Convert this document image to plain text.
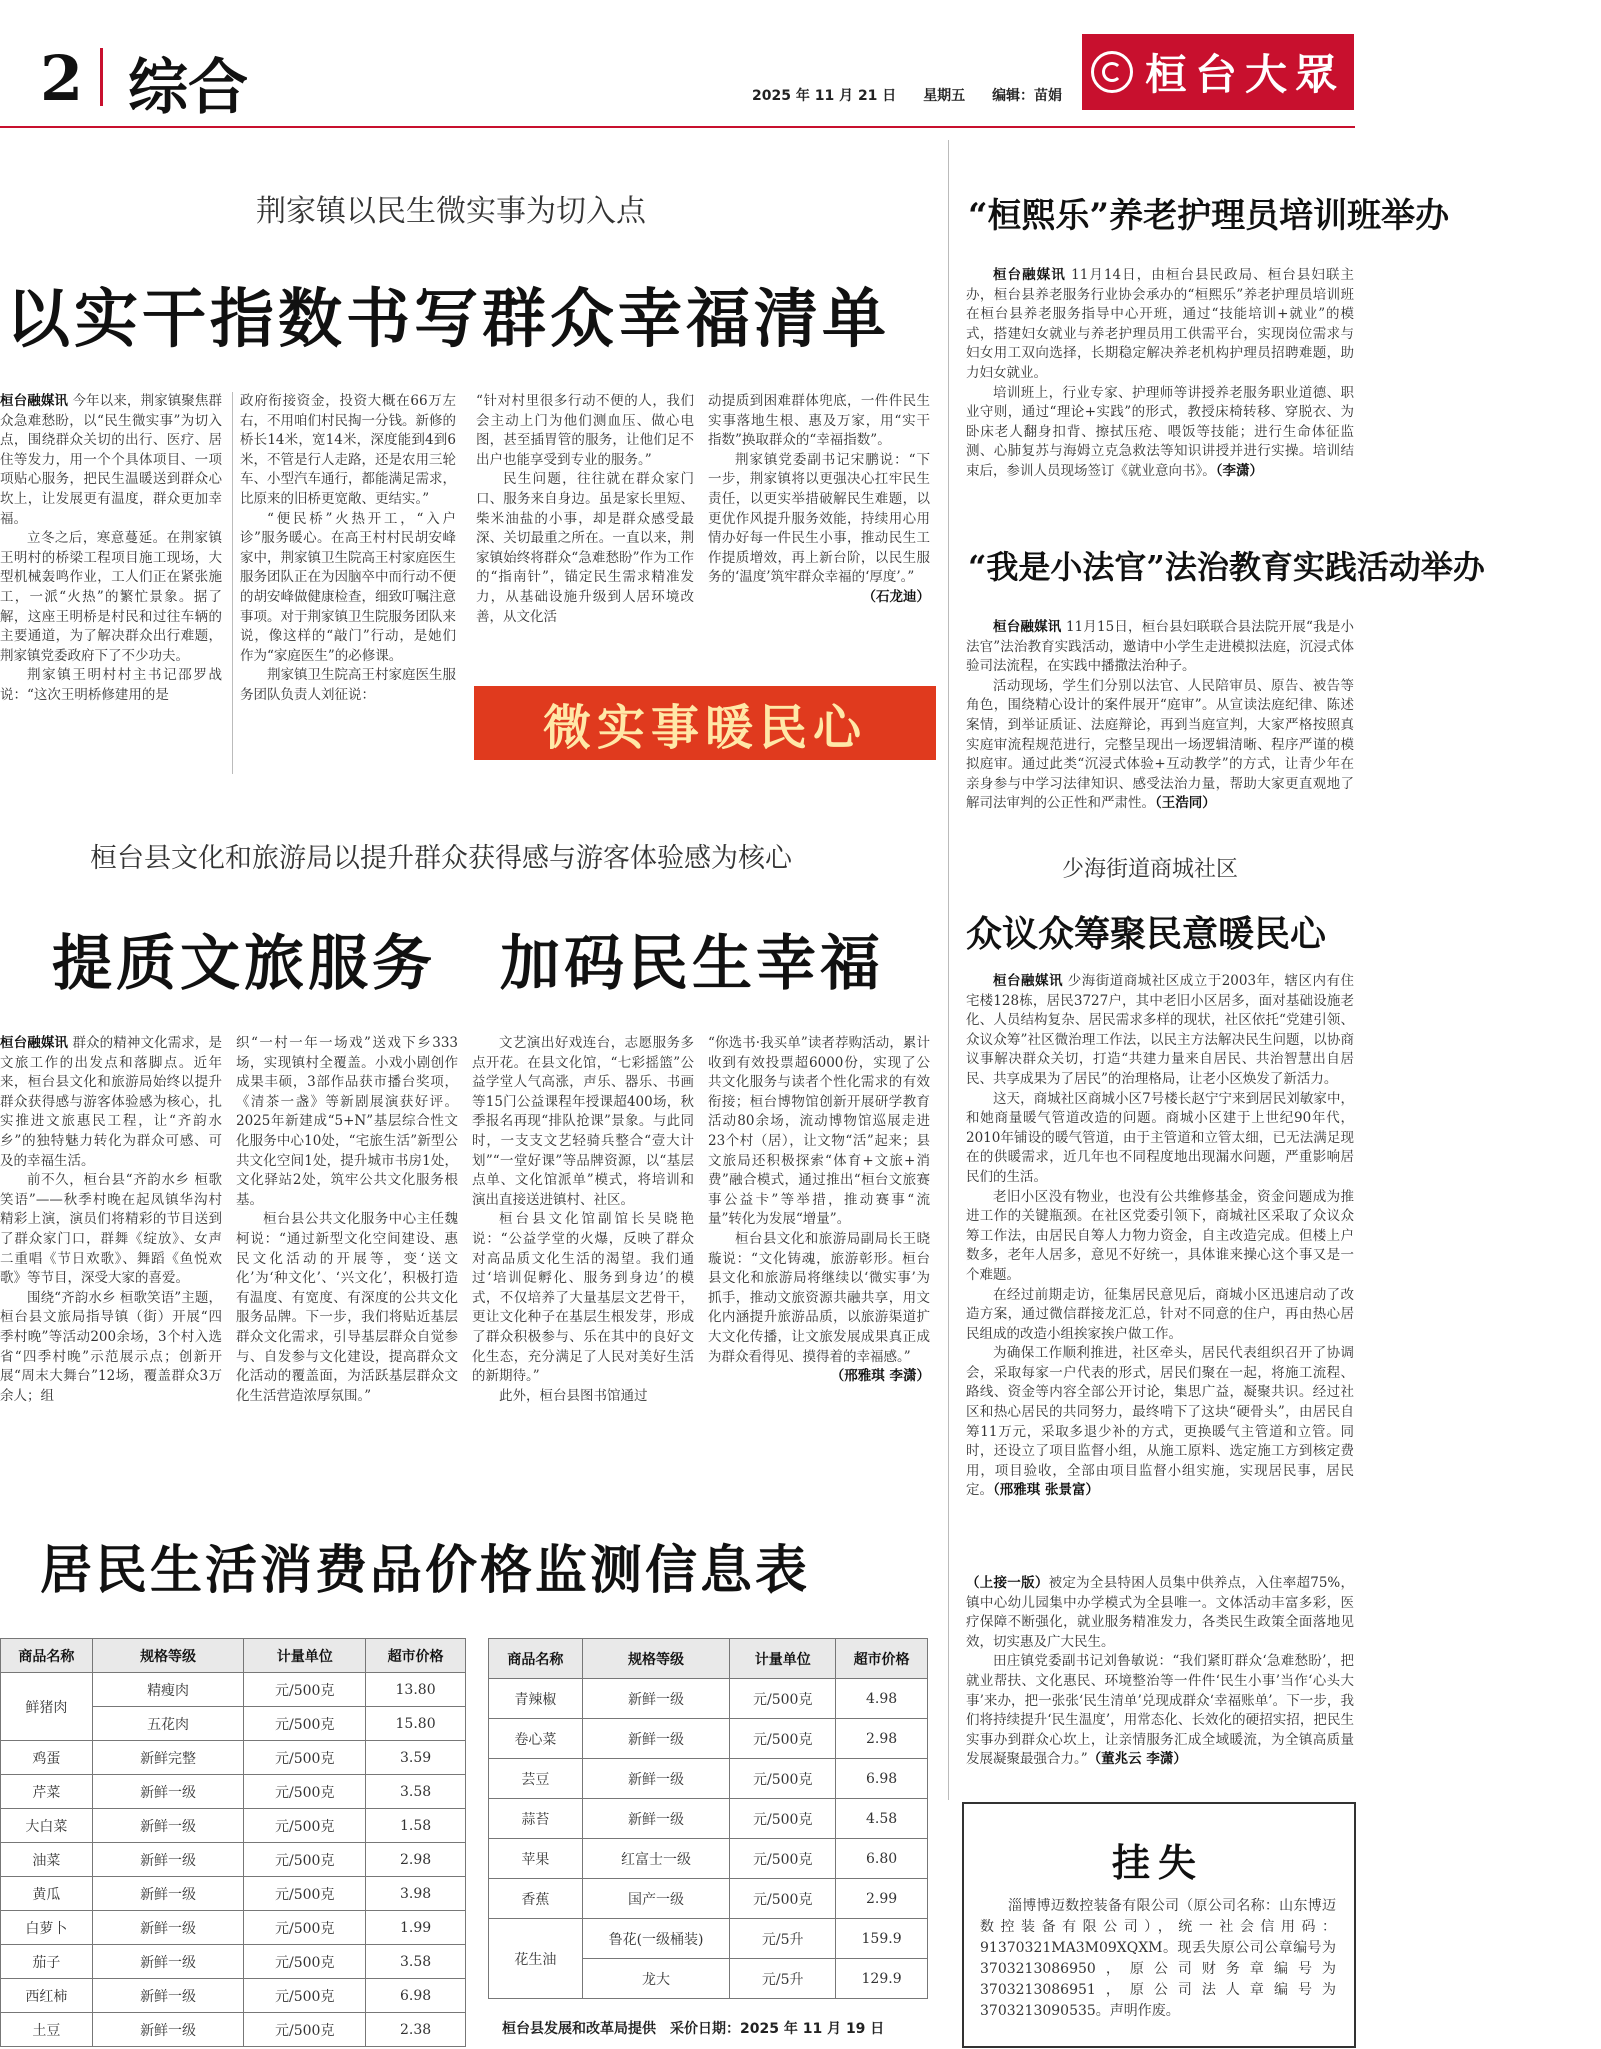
2 综合	2025 年 11 月 21 日 星期五 编辑：苗娟	桓台大眾
荆家镇以民生微实事为切入点
以实干指数书写群众幸福清单

桓台融媒讯 今年以来，荆家镇聚焦群众急难愁盼，以“民生微实事”为切入点，围绕群众关切的出行、医疗、居住等发力，用一个个具体项目、一项项贴心服务，把民生温暖送到群众心坎上，让发展更有温度，群众更加幸福。

立冬之后，寒意蔓延。在荆家镇王明村的桥梁工程项目施工现场，大型机械轰鸣作业，工人们正在紧张施工，一派“火热”的繁忙景象。据了解，这座王明桥是村民和过往车辆的主要通道，为了解决群众出行难题，荆家镇党委政府下了不少功夫。

荆家镇王明村村主书记邵罗战说：“这次王明桥修建用的是

政府衔接资金，投资大概在66万左右，不用咱们村民掏一分钱。新修的桥长14米，宽14米，深度能到4到6米，不管是行人走路，还是农用三轮车、小型汽车通行，都能满足需求，比原来的旧桥更宽敞、更结实。”

“便民桥”火热开工，“入户诊”服务暖心。在高王村村民胡安峰家中，荆家镇卫生院高王村家庭医生服务团队正在为因脑卒中而行动不便的胡安峰做健康检查，细致叮嘱注意事项。对于荆家镇卫生院服务团队来说，像这样的“敲门”行动，是她们作为“家庭医生”的必修课。

荆家镇卫生院高王村家庭医生服务团队负责人刘征说：

“针对村里很多行动不便的人，我们会主动上门为他们测血压、做心电图，甚至插胃管的服务，让他们足不出户也能享受到专业的服务。”

民生问题，往往就在群众家门口、服务来自身边。虽是家长里短、柴米油盐的小事，却是群众感受最深、关切最重之所在。一直以来，荆家镇始终将群众“急难愁盼”作为工作的“指南针”，锚定民生需求精准发力，从基础设施升级到人居环境改善，从文化活

动提质到困难群体兜底，一件件民生实事落地生根、惠及万家，用“实干指数”换取群众的“幸福指数”。

荆家镇党委副书记宋鹏说：“下一步，荆家镇将以更强决心扛牢民生责任，以更实举措破解民生难题，以更优作风提升服务效能，持续用心用情办好每一件民生小事，推动民生工作提质增效，再上新台阶，以民生服务的‘温度’筑牢群众幸福的‘厚度’。”

（石龙迪）

微实事暖民心
桓台县文化和旅游局以提升群众获得感与游客体验感为核心
提质文旅服务　加码民生幸福

桓台融媒讯 群众的精神文化需求，是文旅工作的出发点和落脚点。近年来，桓台县文化和旅游局始终以提升群众获得感与游客体验感为核心，扎实推进文旅惠民工程，让“齐韵水乡”的独特魅力转化为群众可感、可及的幸福生活。

前不久，桓台县“齐韵水乡 桓歌笑语”——秋季村晚在起凤镇华沟村精彩上演，演员们将精彩的节目送到了群众家门口，群舞《绽放》、女声二重唱《节日欢歌》、舞蹈《鱼悦欢歌》等节目，深受大家的喜爱。

围绕“齐韵水乡 桓歌笑语”主题，桓台县文旅局指导镇（街）开展“四季村晚”等活动200余场，3个村入选省“四季村晚”示范展示点；创新开展“周末大舞台”12场，覆盖群众3万余人；组

织“一村一年一场戏”送戏下乡333场，实现镇村全覆盖。小戏小剧创作成果丰硕，3部作品获市播台奖项，《清茶一盏》等新剧展演获好评。2025年新建成“5+N”基层综合性文化服务中心10处，“宅旅生活”新型公共文化空间1处，提升城市书房1处，文化驿站2处，筑牢公共文化服务根基。

桓台县公共文化服务中心主任魏柯说：“通过新型文化空间建设、惠民文化活动的开展等，变‘送文化’为‘种文化’、‘兴文化’，积极打造有温度、有宽度、有深度的公共文化服务品牌。下一步，我们将贴近基层群众文化需求，引导基层群众自觉参与、自发参与文化建设，提高群众文化活动的覆盖面，为活跃基层群众文化生活营造浓厚氛围。”

文艺演出好戏连台，志愿服务多点开花。在县文化馆，“七彩摇篮”公益学堂人气高涨，声乐、器乐、书画等15门公益课程年授课超400场，秋季报名再现“排队抢课”景象。与此同时，一支支文艺轻骑兵整合“壹大计划”“一堂好课”等品牌资源，以“基层点单、文化馆派单”模式，将培训和演出直接送进镇村、社区。

桓台县文化馆副馆长吴晓艳说：“公益学堂的火爆，反映了群众对高品质文化生活的渴望。我们通过‘培训促孵化、服务到身边’的模式，不仅培养了大量基层文艺骨干，更让文化种子在基层生根发芽，形成了群众积极参与、乐在其中的良好文化生态，充分满足了人民对美好生活的新期待。”

此外，桓台县图书馆通过

“你选书·我买单”读者荐购活动，累计收到有效投票超6000份，实现了公共文化服务与读者个性化需求的有效衔接；桓台博物馆创新开展研学教育活动80余场，流动博物馆巡展走进23个村（居），让文物“活”起来；县文旅局还积极探索“体育+文旅+消费”融合模式，通过推出“桓台文旅赛事公益卡”等举措，推动赛事“流量”转化为发展“增量”。

桓台县文化和旅游局副局长王晓璇说：“文化铸魂，旅游彰形。桓台县文化和旅游局将继续以‘微实事’为抓手，推动文旅资源共融共享，用文化内涵提升旅游品质，以旅游渠道扩大文化传播，让文旅发展成果真正成为群众看得见、摸得着的幸福感。”

（邢雅琪 李潇）

“桓熙乐”养老护理员培训班举办

桓台融媒讯 11月14日，由桓台县民政局、桓台县妇联主办，桓台县养老服务行业协会承办的“桓熙乐”养老护理员培训班在桓台县养老服务指导中心开班，通过“技能培训+就业”的模式，搭建妇女就业与养老护理员用工供需平台，实现岗位需求与妇女用工双向选择，长期稳定解决养老机构护理员招聘难题，助力妇女就业。

培训班上，行业专家、护理师等讲授养老服务职业道德、职业守则，通过“理论+实践”的形式，教授床椅转移、穿脱衣、为卧床老人翻身扣背、擦拭压疮、喂饭等技能；进行生命体征监测、心肺复苏与海姆立克急救法等知识讲授并进行实操。培训结束后，参训人员现场签订《就业意向书》。（李潇）

“我是小法官”法治教育实践活动举办

桓台融媒讯 11月15日，桓台县妇联联合县法院开展“我是小法官”法治教育实践活动，邀请中小学生走进模拟法庭，沉浸式体验司法流程，在实践中播撒法治种子。

活动现场，学生们分别以法官、人民陪审员、原告、被告等角色，围绕精心设计的案件展开“庭审”。从宣读法庭纪律、陈述案情，到举证质证、法庭辩论，再到当庭宣判，大家严格按照真实庭审流程规范进行，完整呈现出一场逻辑清晰、程序严谨的模拟庭审。通过此类“沉浸式体验+互动教学”的方式，让青少年在亲身参与中学习法律知识、感受法治力量，帮助大家更直观地了解司法审判的公正性和严肃性。（王浩同）

少海街道商城社区
众议众筹聚民意暖民心

桓台融媒讯 少海街道商城社区成立于2003年，辖区内有住宅楼128栋，居民3727户，其中老旧小区居多，面对基础设施老化、人员结构复杂、居民需求多样的现状，社区依托“党建引领、众议众筹”社区微治理工作法，以民主方法解决民生问题，以协商议事解决群众关切，打造“共建力量来自居民、共治智慧出自居民、共享成果为了居民”的治理格局，让老小区焕发了新活力。

这天，商城社区商城小区7号楼长赵宁宁来到居民刘敏家中，和她商量暖气管道改造的问题。商城小区建于上世纪90年代，2010年铺设的暖气管道，由于主管道和立管太细，已无法满足现在的供暖需求，近几年也不同程度地出现漏水问题，严重影响居民们的生活。

老旧小区没有物业，也没有公共维修基金，资金问题成为推进工作的关键瓶颈。在社区党委引领下，商城社区采取了众议众筹工作法，由居民自筹人力物力资金，自主改造完成。但楼上户数多，老年人居多，意见不好统一，具体谁来操心这个事又是一个难题。

在经过前期走访，征集居民意见后，商城小区迅速启动了改造方案，通过微信群接龙汇总，针对不同意的住户，再由热心居民组成的改造小组挨家挨户做工作。

为确保工作顺利推进，社区牵头，居民代表组织召开了协调会，采取每家一户代表的形式，居民们聚在一起，将施工流程、路线、资金等内容全部公开讨论，集思广益，凝聚共识。经过社区和热心居民的共同努力，最终啃下了这块“硬骨头”，由居民自筹11万元，采取多退少补的方式，更换暖气主管道和立管。同时，还设立了项目监督小组，从施工原料、选定施工方到核定费用，项目验收，全部由项目监督小组实施，实现居民事，居民定。（邢雅琪 张景富）

（上接一版）被定为全县特困人员集中供养点，入住率超75%，镇中心幼儿园集中办学模式为全县唯一。文体活动丰富多彩，医疗保障不断强化，就业服务精准发力，各类民生政策全面落地见效，切实惠及广大民生。

田庄镇党委副书记刘鲁敏说：“我们紧盯群众‘急难愁盼’，把就业帮扶、文化惠民、环境整治等一件件‘民生小事’当作‘心头大事’来办，把一张张‘民生清单’兑现成群众‘幸福账单’。下一步，我们将持续提升‘民生温度’，用常态化、长效化的硬招实招，把民生实事办到群众心坎上，让亲情服务汇成全域暖流，为全镇高质量发展凝聚最强合力。”（董兆云 李潇）

挂失

淄博博迈数控装备有限公司（原公司名称：山东博迈数控装备有限公司），统一社会信用码：91370321MA3M09XQXM。现丢失原公司公章编号为 3703213086950，原公司财务章编号为 3703213086951，原公司法人章编号为 3703213090535。声明作废。

居民生活消费品价格监测信息表
商品名称	规格等级	计量单位	超市价格
鲜猪肉	精瘦肉	元/500克	13.80
	五花肉	元/500克	15.80
鸡蛋	新鲜完整	元/500克	3.59
芹菜	新鲜一级	元/500克	3.58
大白菜	新鲜一级	元/500克	1.58
油菜	新鲜一级	元/500克	2.98
黄瓜	新鲜一级	元/500克	3.98
白萝卜	新鲜一级	元/500克	1.99
茄子	新鲜一级	元/500克	3.58
西红柿	新鲜一级	元/500克	6.98
土豆	新鲜一级	元/500克	2.38
商品名称	规格等级	计量单位	超市价格
青辣椒	新鲜一级	元/500克	4.98
卷心菜	新鲜一级	元/500克	2.98
芸豆	新鲜一级	元/500克	6.98
蒜苔	新鲜一级	元/500克	4.58
苹果	红富士一级	元/500克	6.80
香蕉	国产一级	元/500克	2.99
花生油	鲁花(一级桶装)	元/5升	159.9
	龙大	元/5升	129.9
桓台县发展和改革局提供　采价日期：2025 年 11 月 19 日
